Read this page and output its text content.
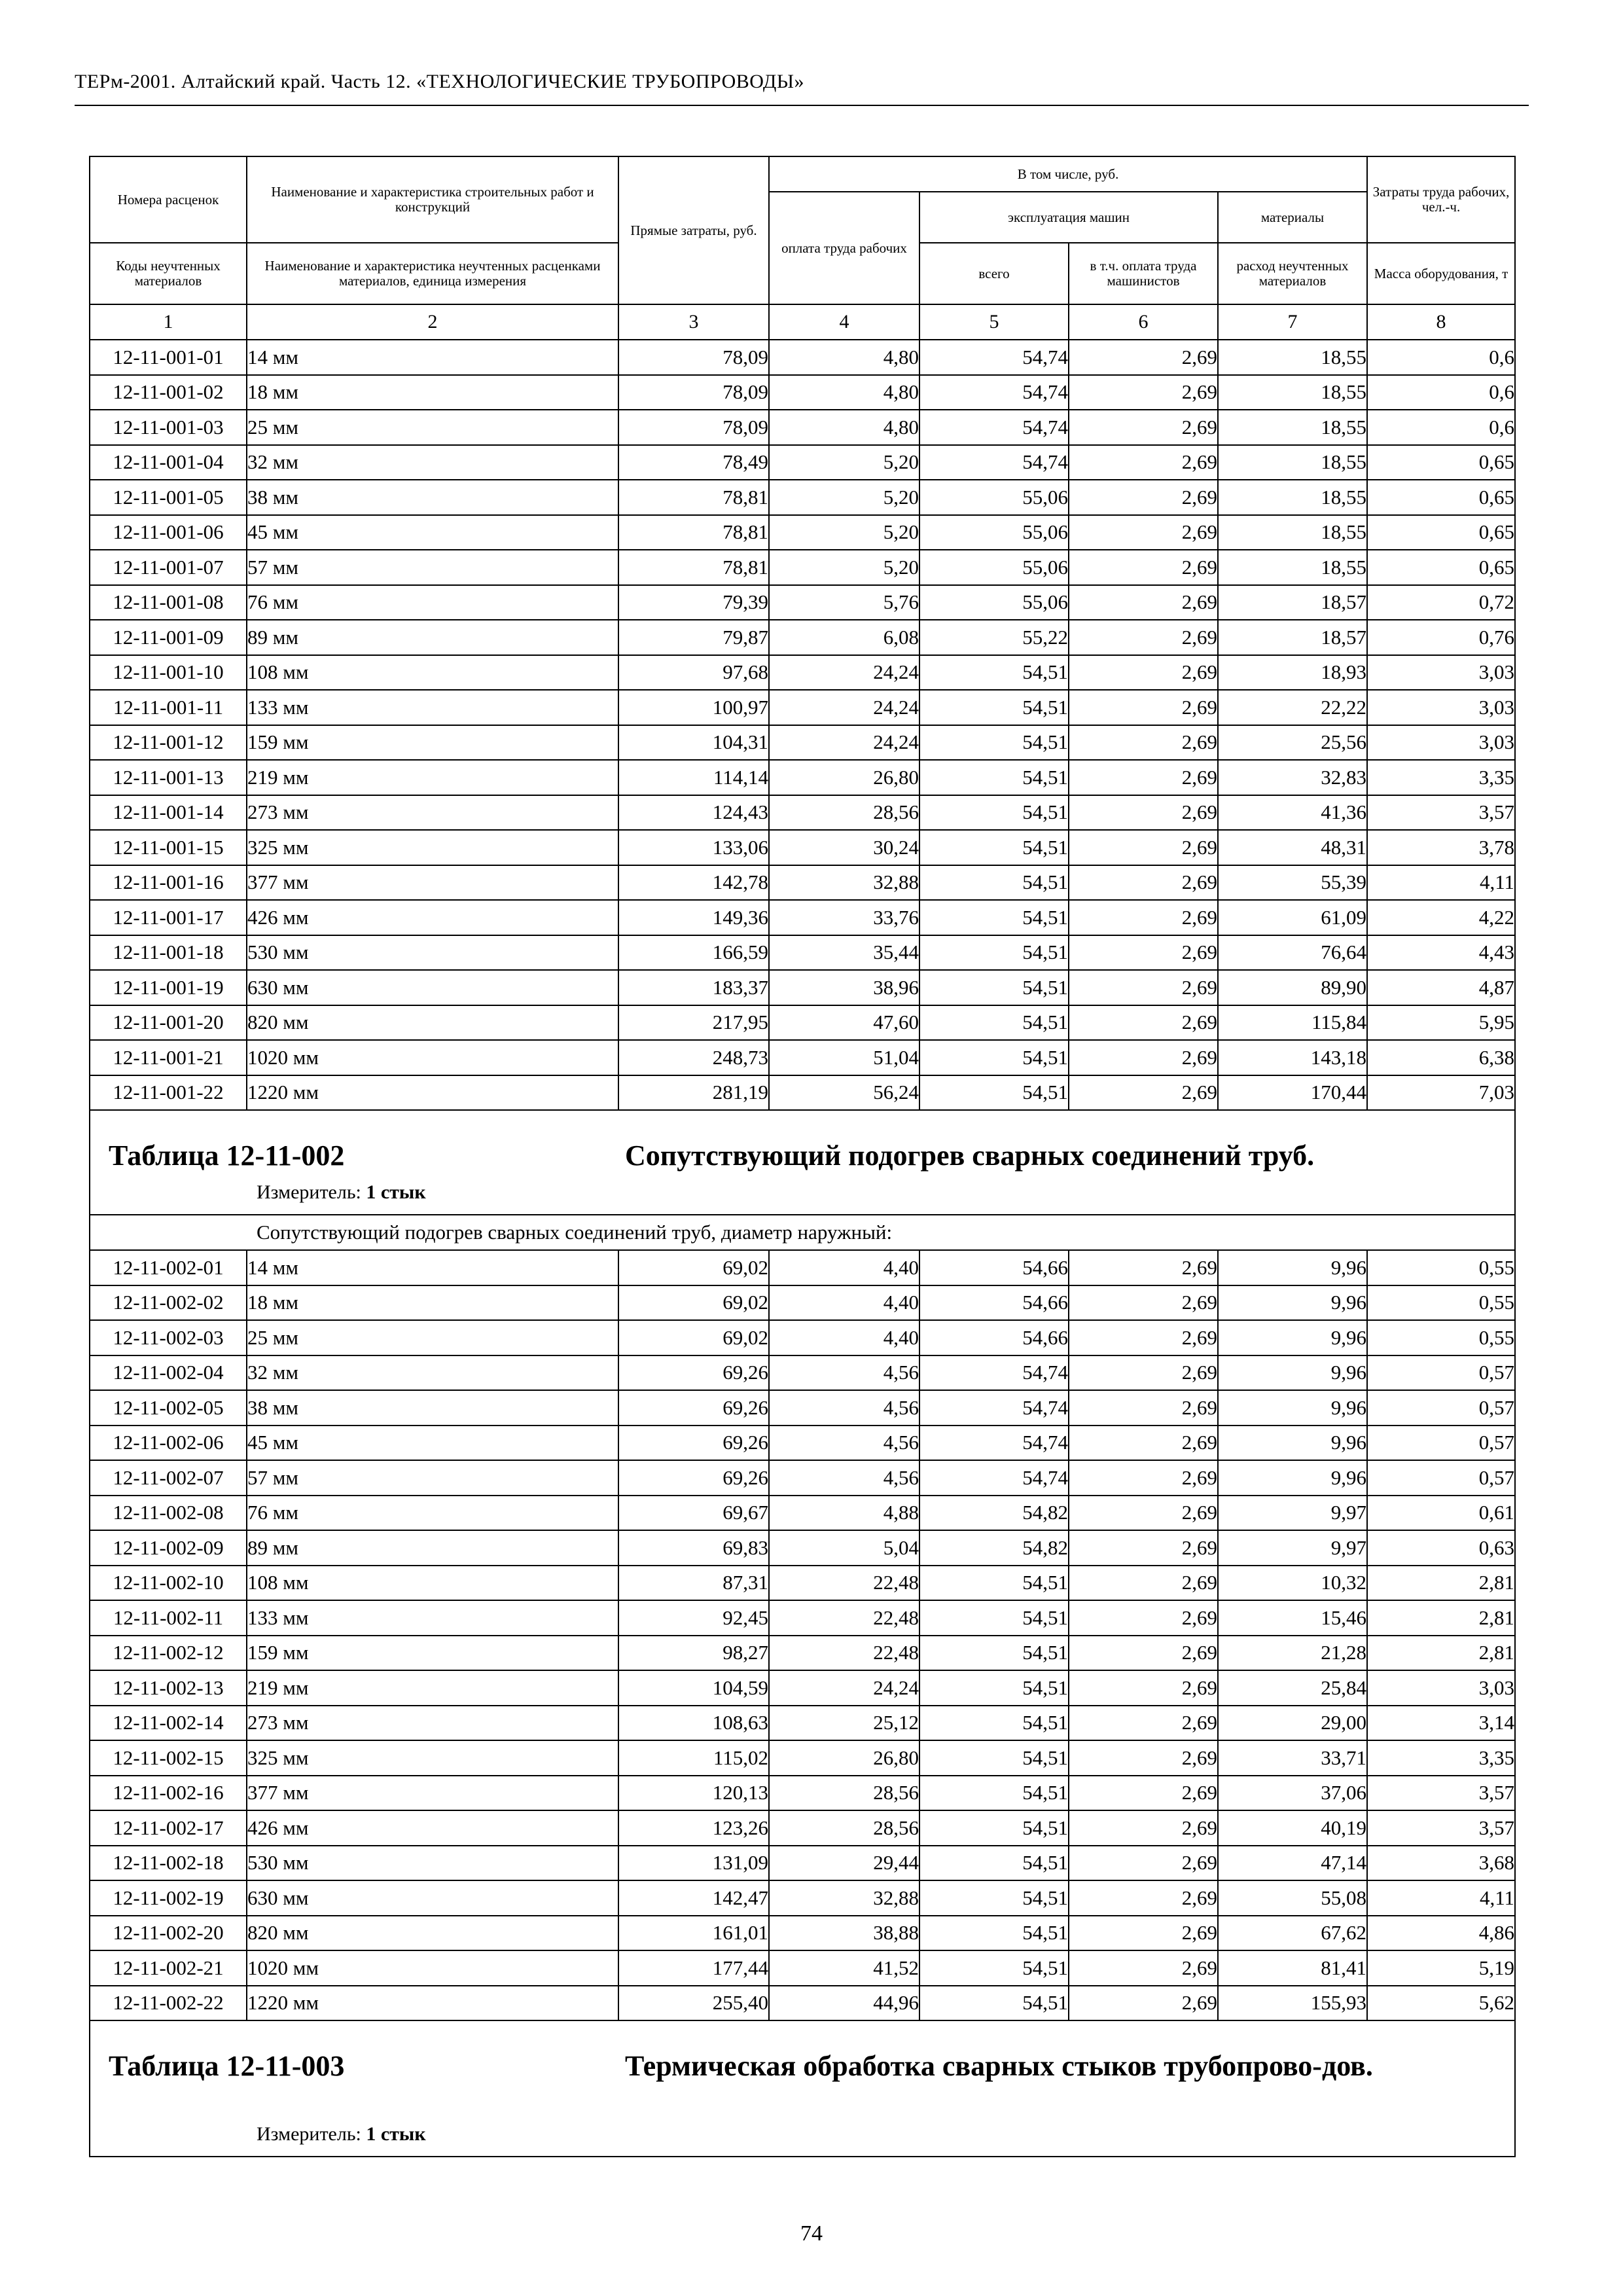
ТЕРм-2001. Алтайский край. Часть 12. «ТЕХНОЛОГИЧЕСКИЕ ТРУБОПРОВОДЫ»
Номера расценок	Наименование и характеристика строительных работ и конструкций	Прямые затраты, руб.	В том числе, руб.				Затраты труда рабочих, чел.-ч.
			оплата труда рабочих	эксплуатация машин		материалы	
Коды неучтенных материалов	Наименование и характеристика неучтенных расценками материалов, единица измерения			всего	в т.ч. оплата труда машинистов	расход неучтенных материалов	Масса оборудования, т
1	2	3	4	5	6	7	8
12-11-001-01	14 мм	78,09	4,80	54,74	2,69	18,55	0,6
12-11-001-02	18 мм	78,09	4,80	54,74	2,69	18,55	0,6
12-11-001-03	25 мм	78,09	4,80	54,74	2,69	18,55	0,6
12-11-001-04	32 мм	78,49	5,20	54,74	2,69	18,55	0,65
12-11-001-05	38 мм	78,81	5,20	55,06	2,69	18,55	0,65
12-11-001-06	45 мм	78,81	5,20	55,06	2,69	18,55	0,65
12-11-001-07	57 мм	78,81	5,20	55,06	2,69	18,55	0,65
12-11-001-08	76 мм	79,39	5,76	55,06	2,69	18,57	0,72
12-11-001-09	89 мм	79,87	6,08	55,22	2,69	18,57	0,76
12-11-001-10	108 мм	97,68	24,24	54,51	2,69	18,93	3,03
12-11-001-11	133 мм	100,97	24,24	54,51	2,69	22,22	3,03
12-11-001-12	159 мм	104,31	24,24	54,51	2,69	25,56	3,03
12-11-001-13	219 мм	114,14	26,80	54,51	2,69	32,83	3,35
12-11-001-14	273 мм	124,43	28,56	54,51	2,69	41,36	3,57
12-11-001-15	325 мм	133,06	30,24	54,51	2,69	48,31	3,78
12-11-001-16	377 мм	142,78	32,88	54,51	2,69	55,39	4,11
12-11-001-17	426 мм	149,36	33,76	54,51	2,69	61,09	4,22
12-11-001-18	530 мм	166,59	35,44	54,51	2,69	76,64	4,43
12-11-001-19	630 мм	183,37	38,96	54,51	2,69	89,90	4,87
12-11-001-20	820 мм	217,95	47,60	54,51	2,69	115,84	5,95
12-11-001-21	1020 мм	248,73	51,04	54,51	2,69	143,18	6,38
12-11-001-22	1220 мм	281,19	56,24	54,51	2,69	170,44	7,03

Таблица 12-11-002 Сопутствующий подогрев сварных соединений труб.
Измеритель: 1 стык							

Сопутствующий подогрев сварных соединений труб, диаметр наружный:							
12-11-002-01	14 мм	69,02	4,40	54,66	2,69	9,96	0,55
12-11-002-02	18 мм	69,02	4,40	54,66	2,69	9,96	0,55
12-11-002-03	25 мм	69,02	4,40	54,66	2,69	9,96	0,55
12-11-002-04	32 мм	69,26	4,56	54,74	2,69	9,96	0,57
12-11-002-05	38 мм	69,26	4,56	54,74	2,69	9,96	0,57
12-11-002-06	45 мм	69,26	4,56	54,74	2,69	9,96	0,57
12-11-002-07	57 мм	69,26	4,56	54,74	2,69	9,96	0,57
12-11-002-08	76 мм	69,67	4,88	54,82	2,69	9,97	0,61
12-11-002-09	89 мм	69,83	5,04	54,82	2,69	9,97	0,63
12-11-002-10	108 мм	87,31	22,48	54,51	2,69	10,32	2,81
12-11-002-11	133 мм	92,45	22,48	54,51	2,69	15,46	2,81
12-11-002-12	159 мм	98,27	22,48	54,51	2,69	21,28	2,81
12-11-002-13	219 мм	104,59	24,24	54,51	2,69	25,84	3,03
12-11-002-14	273 мм	108,63	25,12	54,51	2,69	29,00	3,14
12-11-002-15	325 мм	115,02	26,80	54,51	2,69	33,71	3,35
12-11-002-16	377 мм	120,13	28,56	54,51	2,69	37,06	3,57
12-11-002-17	426 мм	123,26	28,56	54,51	2,69	40,19	3,57
12-11-002-18	530 мм	131,09	29,44	54,51	2,69	47,14	3,68
12-11-002-19	630 мм	142,47	32,88	54,51	2,69	55,08	4,11
12-11-002-20	820 мм	161,01	38,88	54,51	2,69	67,62	4,86
12-11-002-21	1020 мм	177,44	41,52	54,51	2,69	81,41	5,19
12-11-002-22	1220 мм	255,40	44,96	54,51	2,69	155,93	5,62

Таблица 12-11-003 Термическая обработка сварных стыков трубопрово-дов.
Измеритель: 1 стык							
74
